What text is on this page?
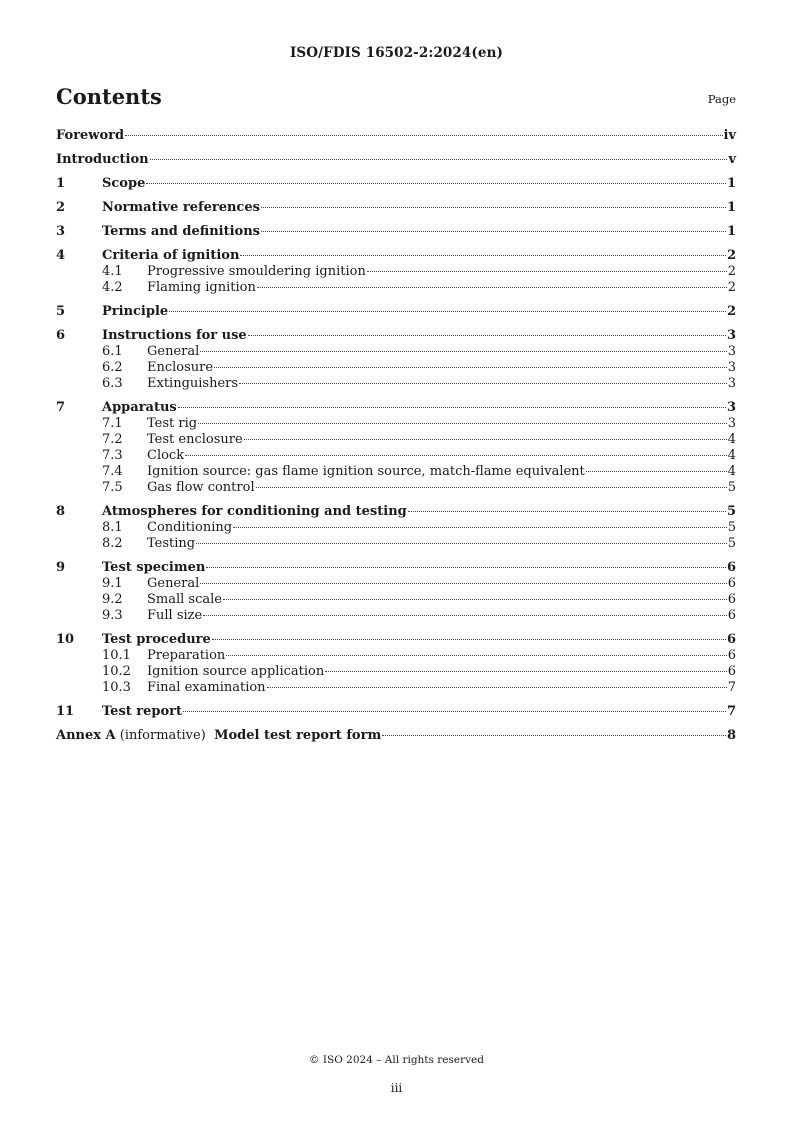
ISO/FDIS 16502-2:2024(en)
Contents	Page
Foreword	iv
Introduction	v
1	Scope	1
2	Normative references	1
3	Terms and definitions	1
4	Criteria of ignition	2
4.1	Progressive smouldering ignition	2
4.2	Flaming ignition	2
5	Principle	2
6	Instructions for use	3
6.1	General	3
6.2	Enclosure	3
6.3	Extinguishers	3
7	Apparatus	3
7.1	Test rig	3
7.2	Test enclosure	4
7.3	Clock	4
7.4	Ignition source: gas flame ignition source, match-flame equivalent	4
7.5	Gas flow control	5
8	Atmospheres for conditioning and testing	5
8.1	Conditioning	5
8.2	Testing	5
9	Test specimen	6
9.1	General	6
9.2	Small scale	6
9.3	Full size	6
10	Test procedure	6
10.1	Preparation	6
10.2	Ignition source application	6
10.3	Final examination	7
11	Test report	7
Annex A (informative) Model test report form	8
© ISO 2024 – All rights reserved
iii
